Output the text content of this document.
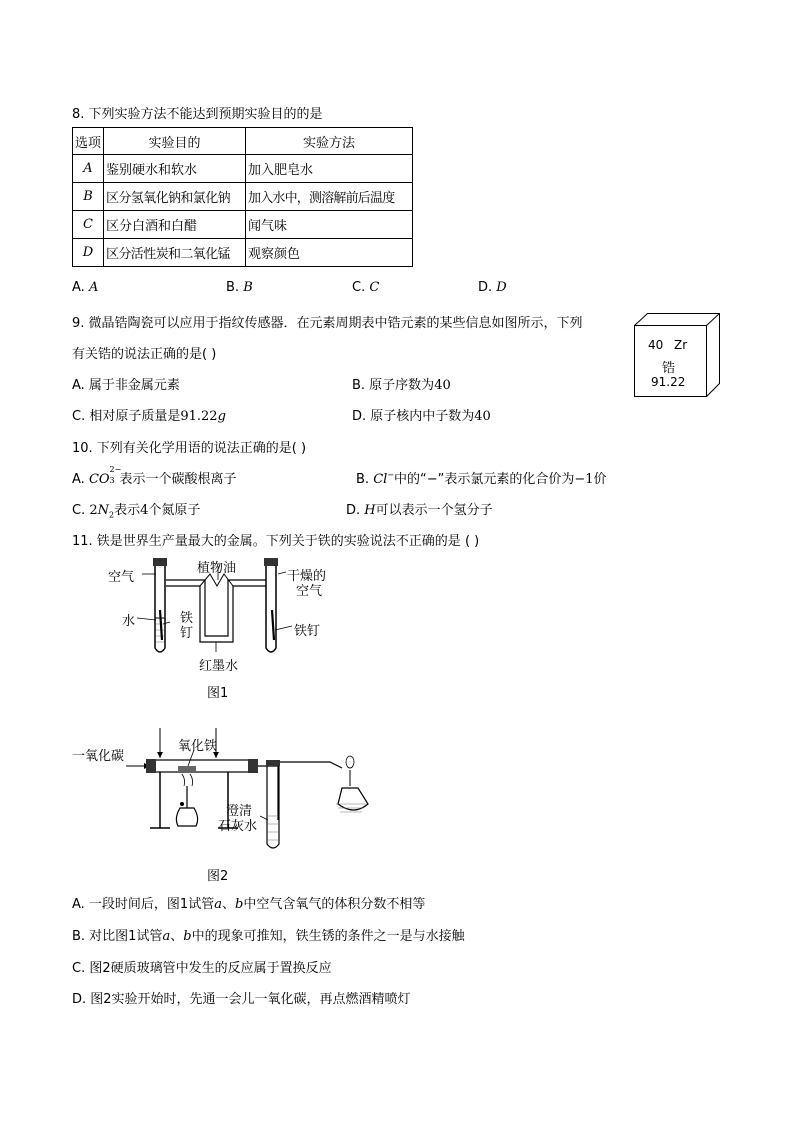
8. 下列实验方法不能达到预期实验目的的是
选项	实验目的	实验方法
A	鉴别硬水和软水	加入肥皂水
B	区分氢氧化钠和氯化钠	加入水中，测溶解前后温度
C	区分白酒和白醋	闻气味
D	区分活性炭和二氧化锰	观察颜色
A. A	B. B	C. C	D. D
9. 微晶锆陶瓷可以应用于指纹传感器．在元素周期表中锆元素的某些信息如图所示，下列
有关锆的说法正确的是( )
40 Zr
锆
91.22
A. 属于非金属元素	B. 原子序数为40
C. 相对原子质量是91.22g	D. 原子核内中子数为40
10. 下列有关化学用语的说法正确的是( )
A. CO
2−
3 表示一个碳酸根离子	B. Cl−中的“−”表示氯元素的化合价为−1价
C. $2N_2$表示4个氮原子	D. H可以表示一个氢分子
11. 铁是世界生产量最大的金属。下列关于铁的实验说法不正确的是 ( )
空气
水	铁
钉
植物油
干燥的
空气
铁钉
红墨水
图1
一氧化碳
氧化铁
澄清
石灰水
图2
A. 一段时间后，图1试管a、b中空气含氧气的体积分数不相等
B. 对比图1试管a、b中的现象可推知，铁生锈的条件之一是与水接触
C. 图2硬质玻璃管中发生的反应属于置换反应
D. 图2实验开始时，先通一会儿一氧化碳，再点燃酒精喷灯
